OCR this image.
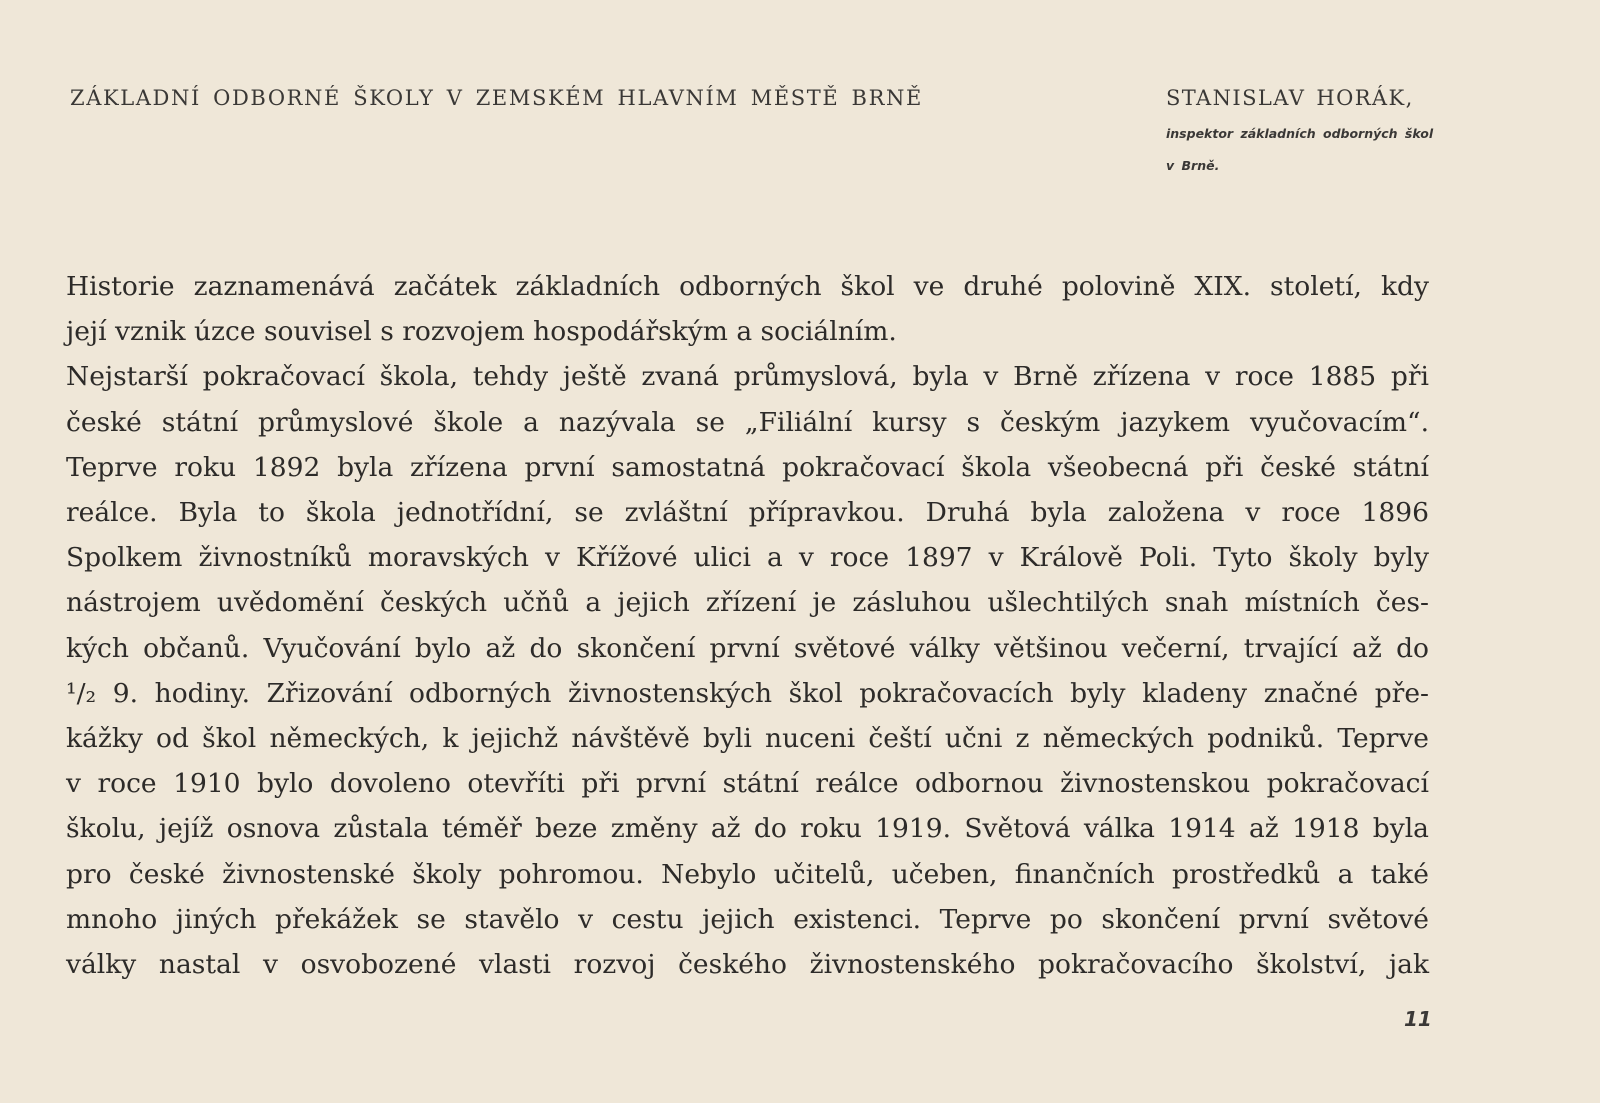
ZÁKLADNÍ ODBORNÉ ŠKOLY V ZEMSKÉM HLAVNÍM MĚSTĚ BRNĚ	STANISLAV HORÁK,
inspektor základních odborných škol v Brně.
Historie zaznamenává začátek základních odborných škol ve druhé polovině XIX. století, kdy
její vznik úzce souvisel s rozvojem hospodářským a sociálním.
Nejstarší pokračovací škola, tehdy ještě zvaná průmyslová, byla v Brně zřízena v roce 1885 při
české státní průmyslové škole a nazývala se „Filiální kursy s českým jazykem vyučovacím“.
Teprve roku 1892 byla zřízena první samostatná pokračovací škola všeobecná při české státní
reálce. Byla to škola jednotřídní, se zvláštní přípravkou. Druhá byla založena v roce 1896
Spolkem živnostníků moravských v Křížové ulici a v roce 1897 v Králově Poli. Tyto školy byly
nástrojem uvědomění českých učňů a jejich zřízení je zásluhou ušlechtilých snah místních čes-
kých občanů. Vyučování bylo až do skončení první světové války většinou večerní, trvající až do
¹/₂ 9. hodiny. Zřizování odborných živnostenských škol pokračovacích byly kladeny značné pře-
kážky od škol německých, k jejichž návštěvě byli nuceni čeští učni z německých podniků. Teprve
v roce 1910 bylo dovoleno otevříti při první státní reálce odbornou živnostenskou pokračovací
školu, jejíž osnova zůstala téměř beze změny až do roku 1919. Světová válka 1914 až 1918 byla
pro české živnostenské školy pohromou. Nebylo učitelů, učeben, finančních prostředků a také
mnoho jiných překážek se stavělo v cestu jejich existenci. Teprve po skončení první světové
války nastal v osvobozené vlasti rozvoj českého živnostenského pokračovacího školství, jak
11
